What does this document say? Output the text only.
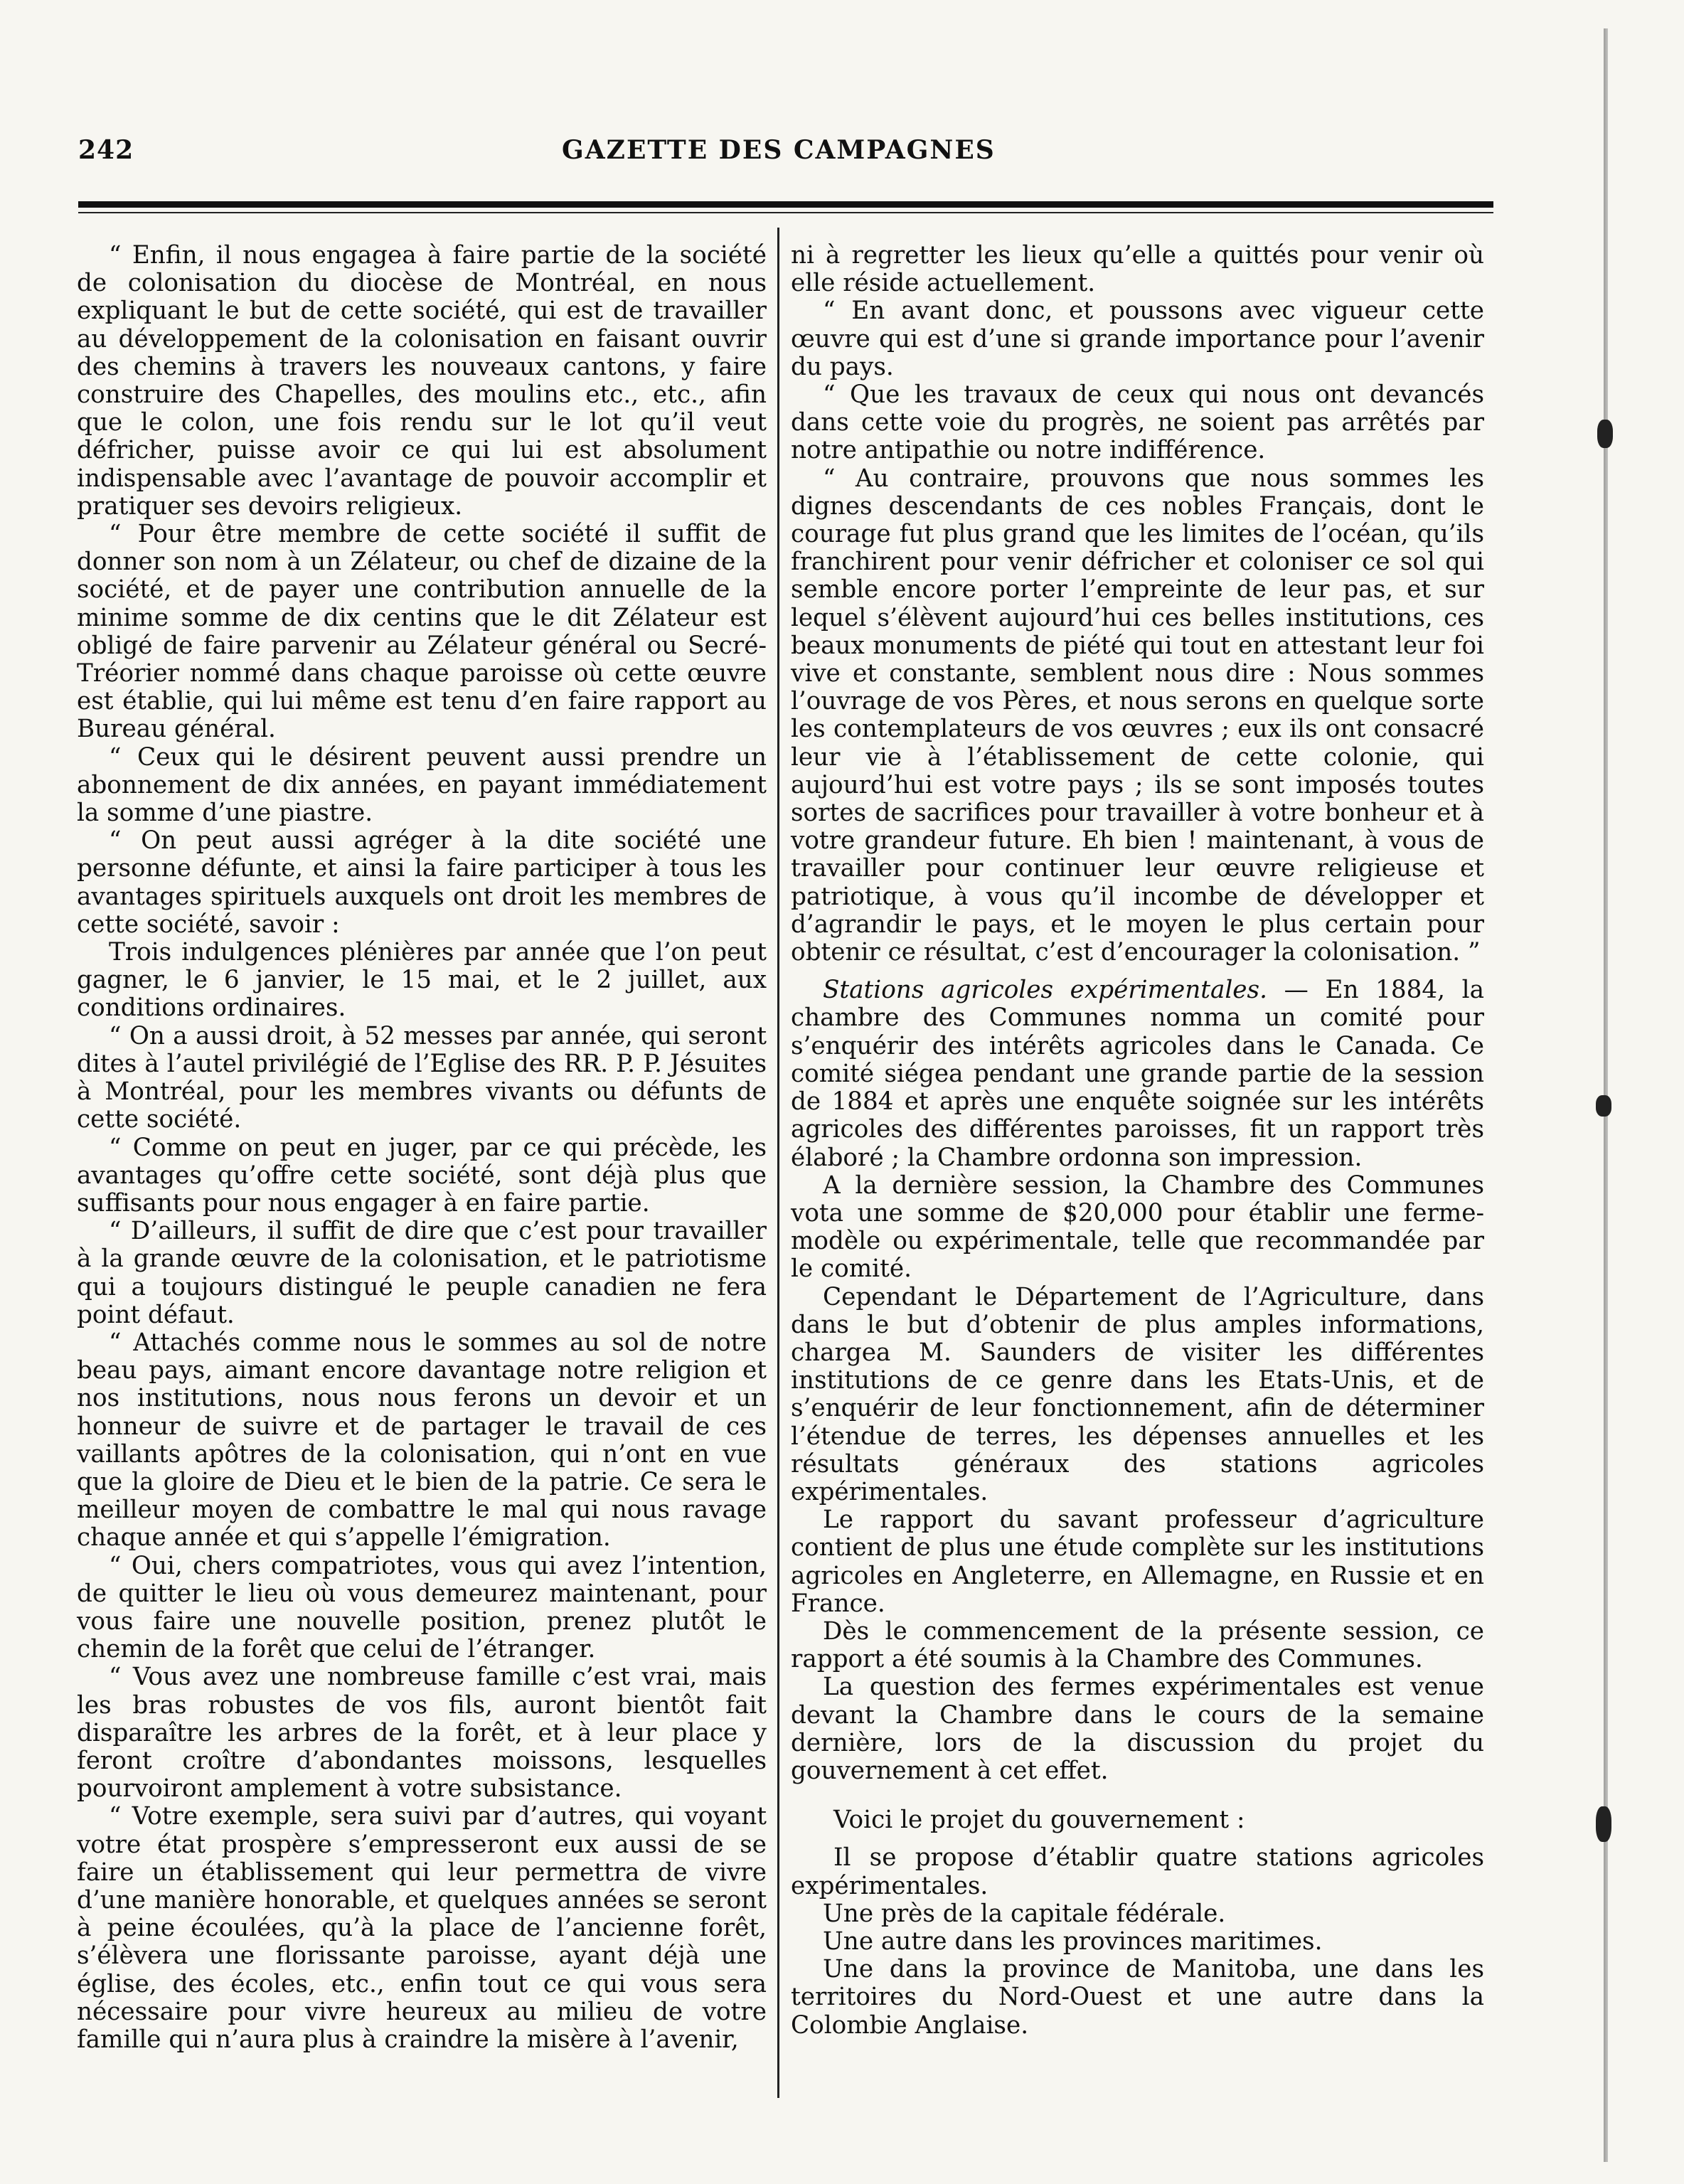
242	GAZETTE DES CAMPAGNES

“ Enfin, il nous engagea à faire partie de la société de colonisation du diocèse de Montréal, en nous expliquant le but de cette société, qui est de travailler au développement de la colonisation en faisant ouvrir des chemins à travers les nouveaux cantons, y faire construire des Chapelles, des moulins etc., etc., afin que le colon, une fois rendu sur le lot qu’il veut défricher, puisse avoir ce qui lui est absolument indispensable avec l’avantage de pouvoir accomplir et pratiquer ses devoirs religieux.

“ Pour être membre de cette société il suffit de donner son nom à un Zélateur, ou chef de dizaine de la société, et de payer une contribution annuelle de la minime somme de dix centins que le dit Zélateur est obligé de faire parvenir au Zélateur général ou Secré-Tréorier nommé dans chaque paroisse où cette œuvre est établie, qui lui même est tenu d’en faire rapport au Bureau général.

“ Ceux qui le désirent peuvent aussi prendre un abonnement de dix années, en payant immédiatement la somme d’une piastre.

“ On peut aussi agréger à la dite société une personne défunte, et ainsi la faire participer à tous les avantages spirituels auxquels ont droit les membres de cette société, savoir :

Trois indulgences plénières par année que l’on peut gagner, le 6 janvier, le 15 mai, et le 2 juillet, aux conditions ordinaires.

“ On a aussi droit, à 52 messes par année, qui seront dites à l’autel privilégié de l’Eglise des RR. P. P. Jésuites à Montréal, pour les membres vivants ou défunts de cette société.

“ Comme on peut en juger, par ce qui précède, les avantages qu’offre cette société, sont déjà plus que suffisants pour nous engager à en faire partie.

“ D’ailleurs, il suffit de dire que c’est pour travailler à la grande œuvre de la colonisation, et le patriotisme qui a toujours distingué le peuple canadien ne fera point défaut.

“ Attachés comme nous le sommes au sol de notre beau pays, aimant encore davantage notre religion et nos institutions, nous nous ferons un devoir et un honneur de suivre et de partager le travail de ces vaillants apôtres de la colonisation, qui n’ont en vue que la gloire de Dieu et le bien de la patrie. Ce sera le meilleur moyen de combattre le mal qui nous ravage chaque année et qui s’appelle l’émigration.

“ Oui, chers compatriotes, vous qui avez l’intention, de quitter le lieu où vous demeurez maintenant, pour vous faire une nouvelle position, prenez plutôt le chemin de la forêt que celui de l’étranger.

“ Vous avez une nombreuse famille c’est vrai, mais les bras robustes de vos fils, auront bientôt fait disparaître les arbres de la forêt, et à leur place y feront croître d’abondantes moissons, lesquelles pourvoiront amplement à votre subsistance.

“ Votre exemple, sera suivi par d’autres, qui voyant votre état prospère s’empresseront eux aussi de se faire un établissement qui leur permettra de vivre d’une manière honorable, et quelques années se seront à peine écoulées, qu’à la place de l’ancienne forêt, s’élèvera une florissante paroisse, ayant déjà une église, des écoles, etc., enfin tout ce qui vous sera nécessaire pour vivre heureux au milieu de votre famille qui n’aura plus à craindre la misère à l’avenir,

ni à regretter les lieux qu’elle a quittés pour venir où elle réside actuellement.

“ En avant donc, et poussons avec vigueur cette œuvre qui est d’une si grande importance pour l’avenir du pays.

“ Que les travaux de ceux qui nous ont devancés dans cette voie du progrès, ne soient pas arrêtés par notre antipathie ou notre indifférence.

“ Au contraire, prouvons que nous sommes les dignes descendants de ces nobles Français, dont le courage fut plus grand que les limites de l’océan, qu’ils franchirent pour venir défricher et coloniser ce sol qui semble encore porter l’empreinte de leur pas, et sur lequel s’élèvent aujourd’hui ces belles institutions, ces beaux monuments de piété qui tout en attestant leur foi vive et constante, semblent nous dire : Nous sommes l’ouvrage de vos Pères, et nous serons en quelque sorte les contemplateurs de vos œuvres ; eux ils ont consacré leur vie à l’établissement de cette colonie, qui aujourd’hui est votre pays ; ils se sont imposés toutes sortes de sacrifices pour travailler à votre bonheur et à votre grandeur future. Eh bien ! maintenant, à vous de travailler pour continuer leur œuvre religieuse et patriotique, à vous qu’il incombe de développer et d’agrandir le pays, et le moyen le plus certain pour obtenir ce résultat, c’est d’encourager la colonisation. ”

Stations agricoles expérimentales. — En 1884, la chambre des Communes nomma un comité pour s’enquérir des intérêts agricoles dans le Canada. Ce comité siégea pendant une grande partie de la session de 1884 et après une enquête soignée sur les intérêts agricoles des différentes paroisses, fit un rapport très élaboré ; la Chambre ordonna son impression.

A la dernière session, la Chambre des Communes vota une somme de $20,000 pour établir une ferme-modèle ou expérimentale, telle que recommandée par le comité.

Cependant le Département de l’Agriculture, dans dans le but d’obtenir de plus amples informations, chargea M. Saunders de visiter les différentes institutions de ce genre dans les Etats-Unis, et de s’enquérir de leur fonctionnement, afin de déterminer l’étendue de terres, les dépenses annuelles et les résultats généraux des stations agricoles expérimentales.

Le rapport du savant professeur d’agriculture contient de plus une étude complète sur les institutions agricoles en Angleterre, en Allemagne, en Russie et en France.

Dès le commencement de la présente session, ce rapport a été soumis à la Chambre des Communes.

La question des fermes expérimentales est venue devant la Chambre dans le cours de la semaine dernière, lors de la discussion du projet du gouvernement à cet effet.

Voici le projet du gouvernement :

Il se propose d’établir quatre stations agricoles expérimentales.

Une près de la capitale fédérale.

Une autre dans les provinces maritimes.

Une dans la province de Manitoba, une dans les territoires du Nord-Ouest et une autre dans la Colombie Anglaise.
